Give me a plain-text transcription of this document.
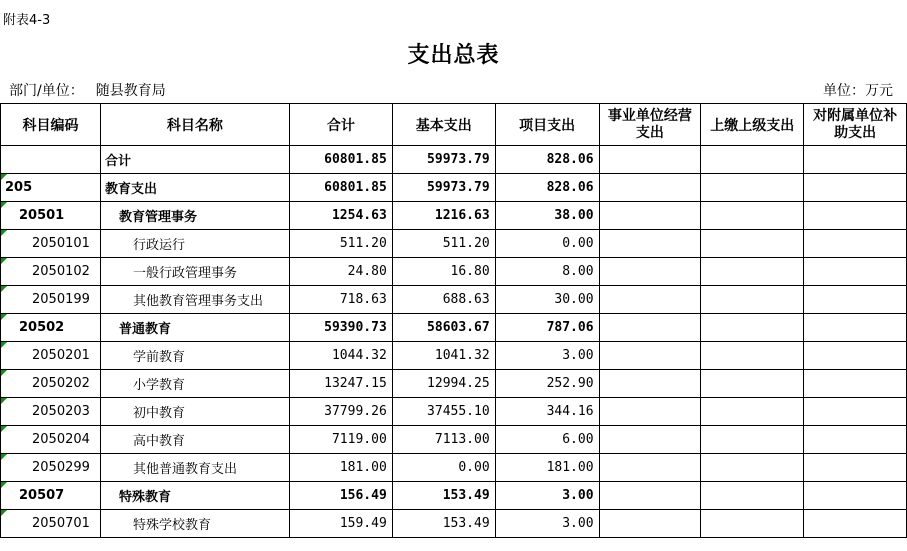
附表4-3
支出总表
部门/单位： 随县教育局	单位：万元
科目编码	科目名称	合计	基本支出	项目支出	事业单位经营支出	上缴上级支出	对附属单位补助支出
	合计	60801.85	59973.79	828.06			
205	教育支出	60801.85	59973.79	828.06			
20501	教育管理事务	1254.63	1216.63	38.00			
2050101	行政运行	511.20	511.20	0.00			
2050102	一般行政管理事务	24.80	16.80	8.00			
2050199	其他教育管理事务支出	718.63	688.63	30.00			
20502	普通教育	59390.73	58603.67	787.06			
2050201	学前教育	1044.32	1041.32	3.00			
2050202	小学教育	13247.15	12994.25	252.90			
2050203	初中教育	37799.26	37455.10	344.16			
2050204	高中教育	7119.00	7113.00	6.00			
2050299	其他普通教育支出	181.00	0.00	181.00			
20507	特殊教育	156.49	153.49	3.00			
2050701	特殊学校教育	159.49	153.49	3.00			
